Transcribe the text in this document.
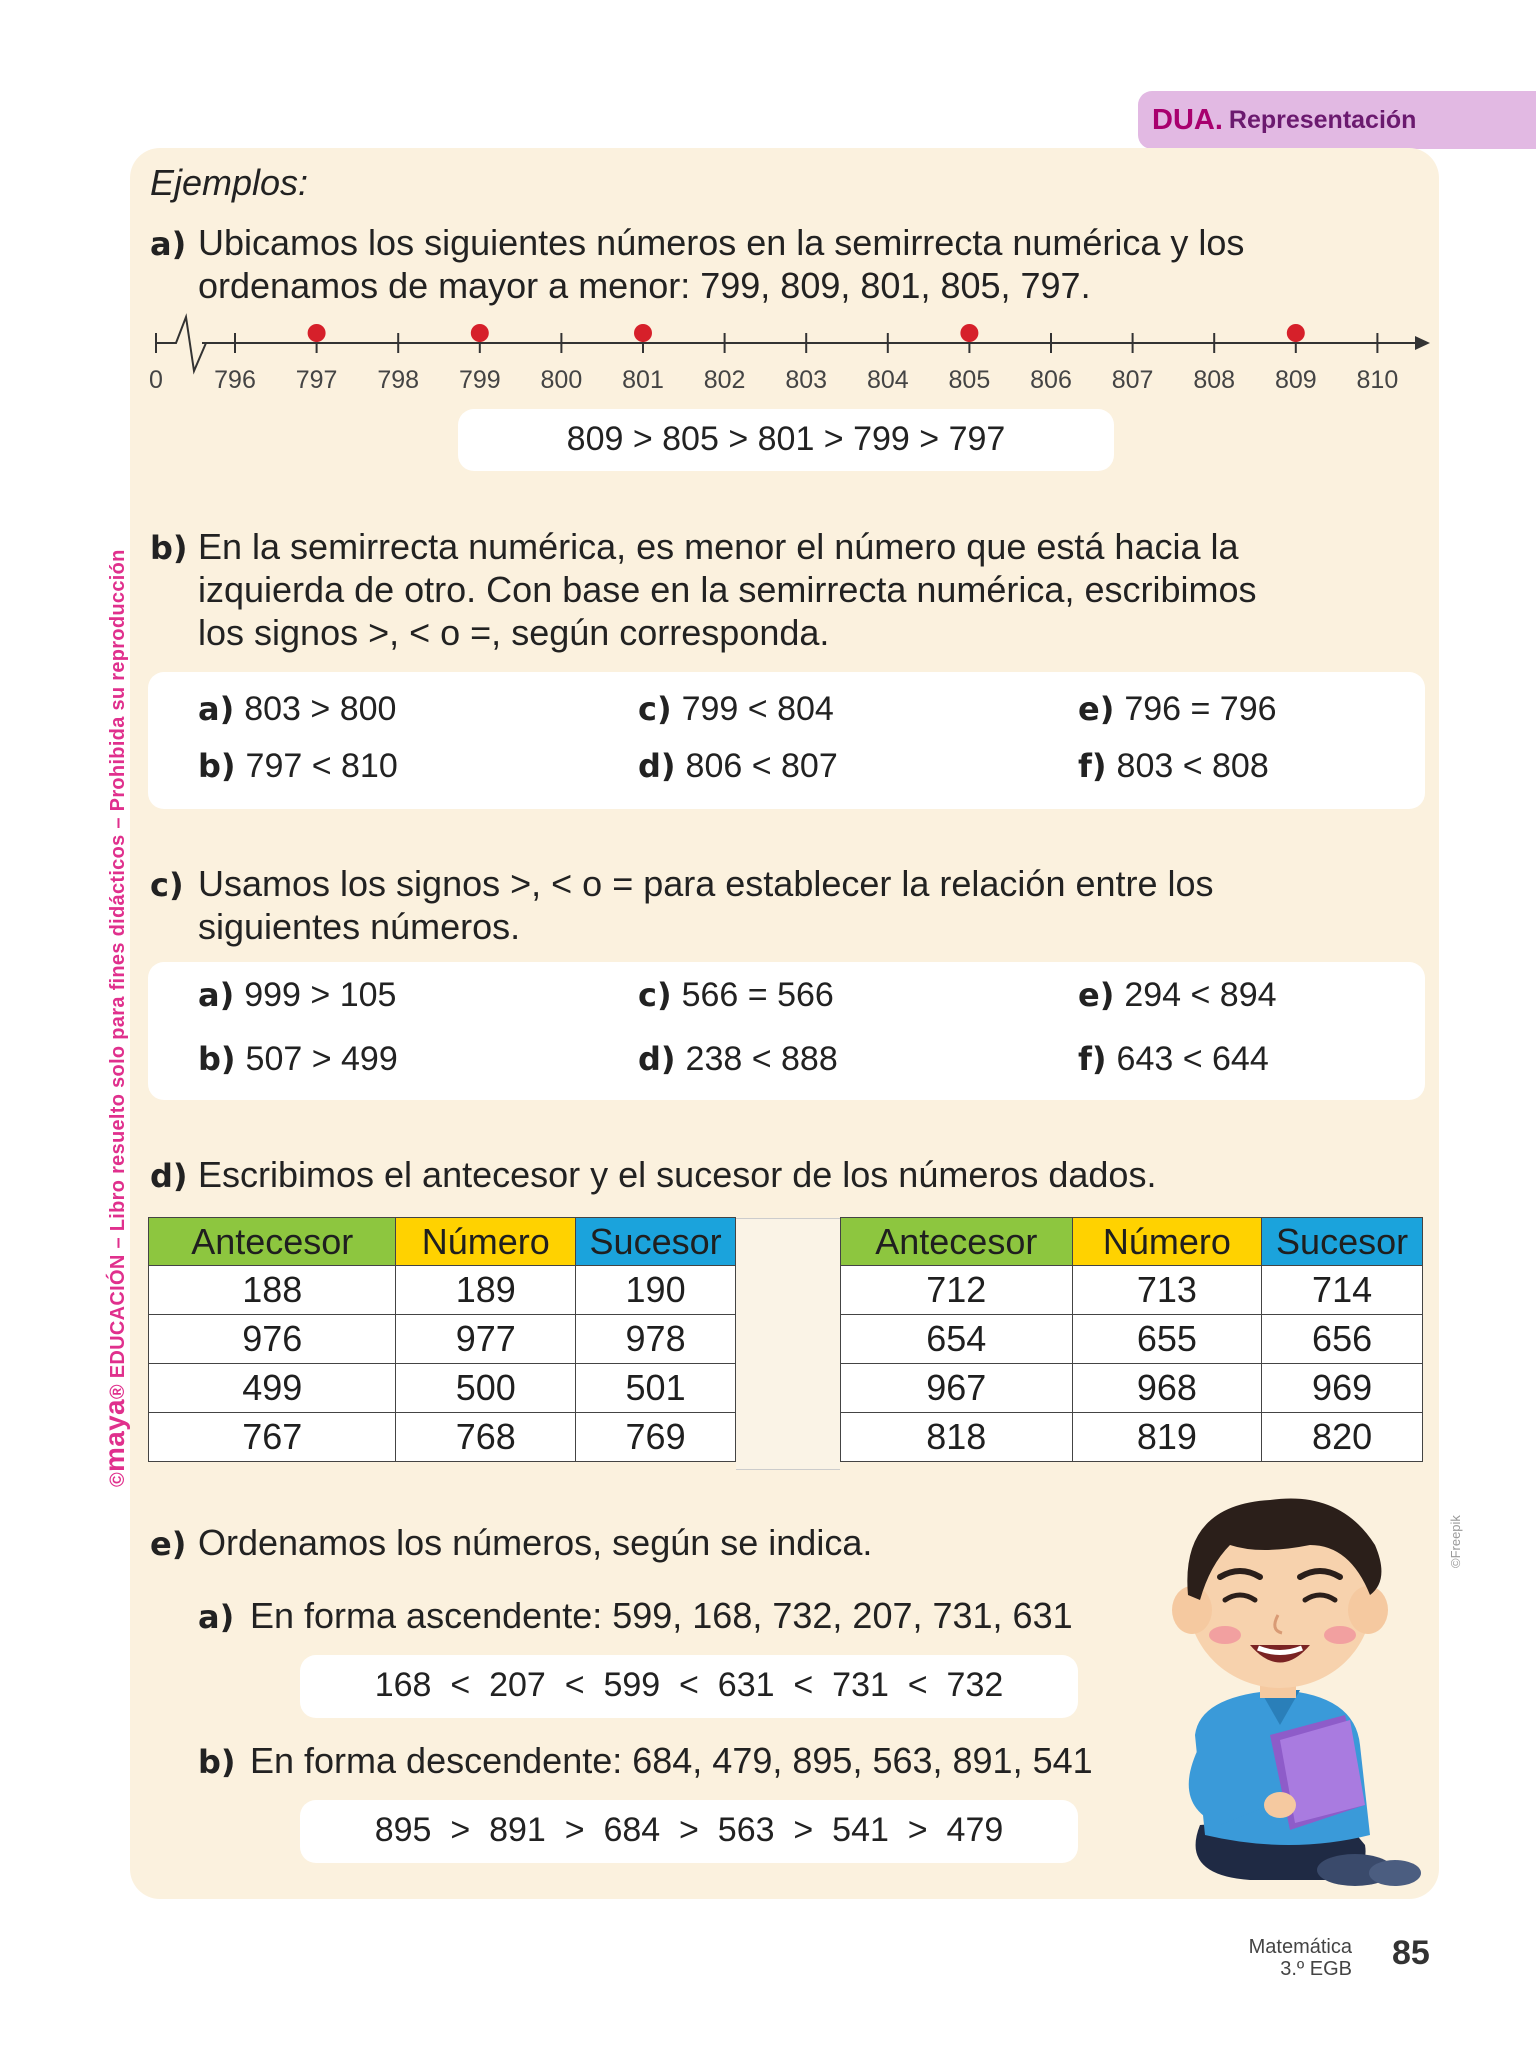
DUA. Representación
©maya® EDUCACIÓN – Libro resuelto solo para fines didácticos – Prohibida su reproducción
©Freepik
Ejemplos:
a) Ubicamos los siguientes números en la semirrecta numérica y los
ordenamos de mayor a menor: 799, 809, 801, 805, 797.
0 796 797 798 799 800 801 802 803 804 805 806 807 808 809 810
809 > 805 > 801 > 799 > 797
b) En la semirrecta numérica, es menor el número que está hacia la
izquierda de otro. Con base en la semirrecta numérica, escribimos
los signos >, < o =, según corresponda.
a) 803 > 800
b) 797 < 810
c) 799 < 804
d) 806 < 807
e) 796 = 796
f) 803 < 808
c) Usamos los signos >, < o = para establecer la relación entre los
siguientes números.
a) 999 > 105
b) 507 > 499
c) 566 = 566
d) 238 < 888
e) 294 < 894
f) 643 < 644
d) Escribimos el antecesor y el sucesor de los números dados.
Antecesor	Número	Sucesor
188	189	190
976	977	978
499	500	501
767	768	769
Antecesor	Número	Sucesor
712	713	714
654	655	656
967	968	969
818	819	820
e) Ordenamos los números, según se indica.
a) En forma ascendente: 599, 168, 732, 207, 731, 631
168  <  207  <  599  <  631  <  731  <  732
b) En forma descendente: 684, 479, 895, 563, 891, 541
895  >  891  >  684  >  563  >  541  >  479
Matemática
3.º EGB 85
